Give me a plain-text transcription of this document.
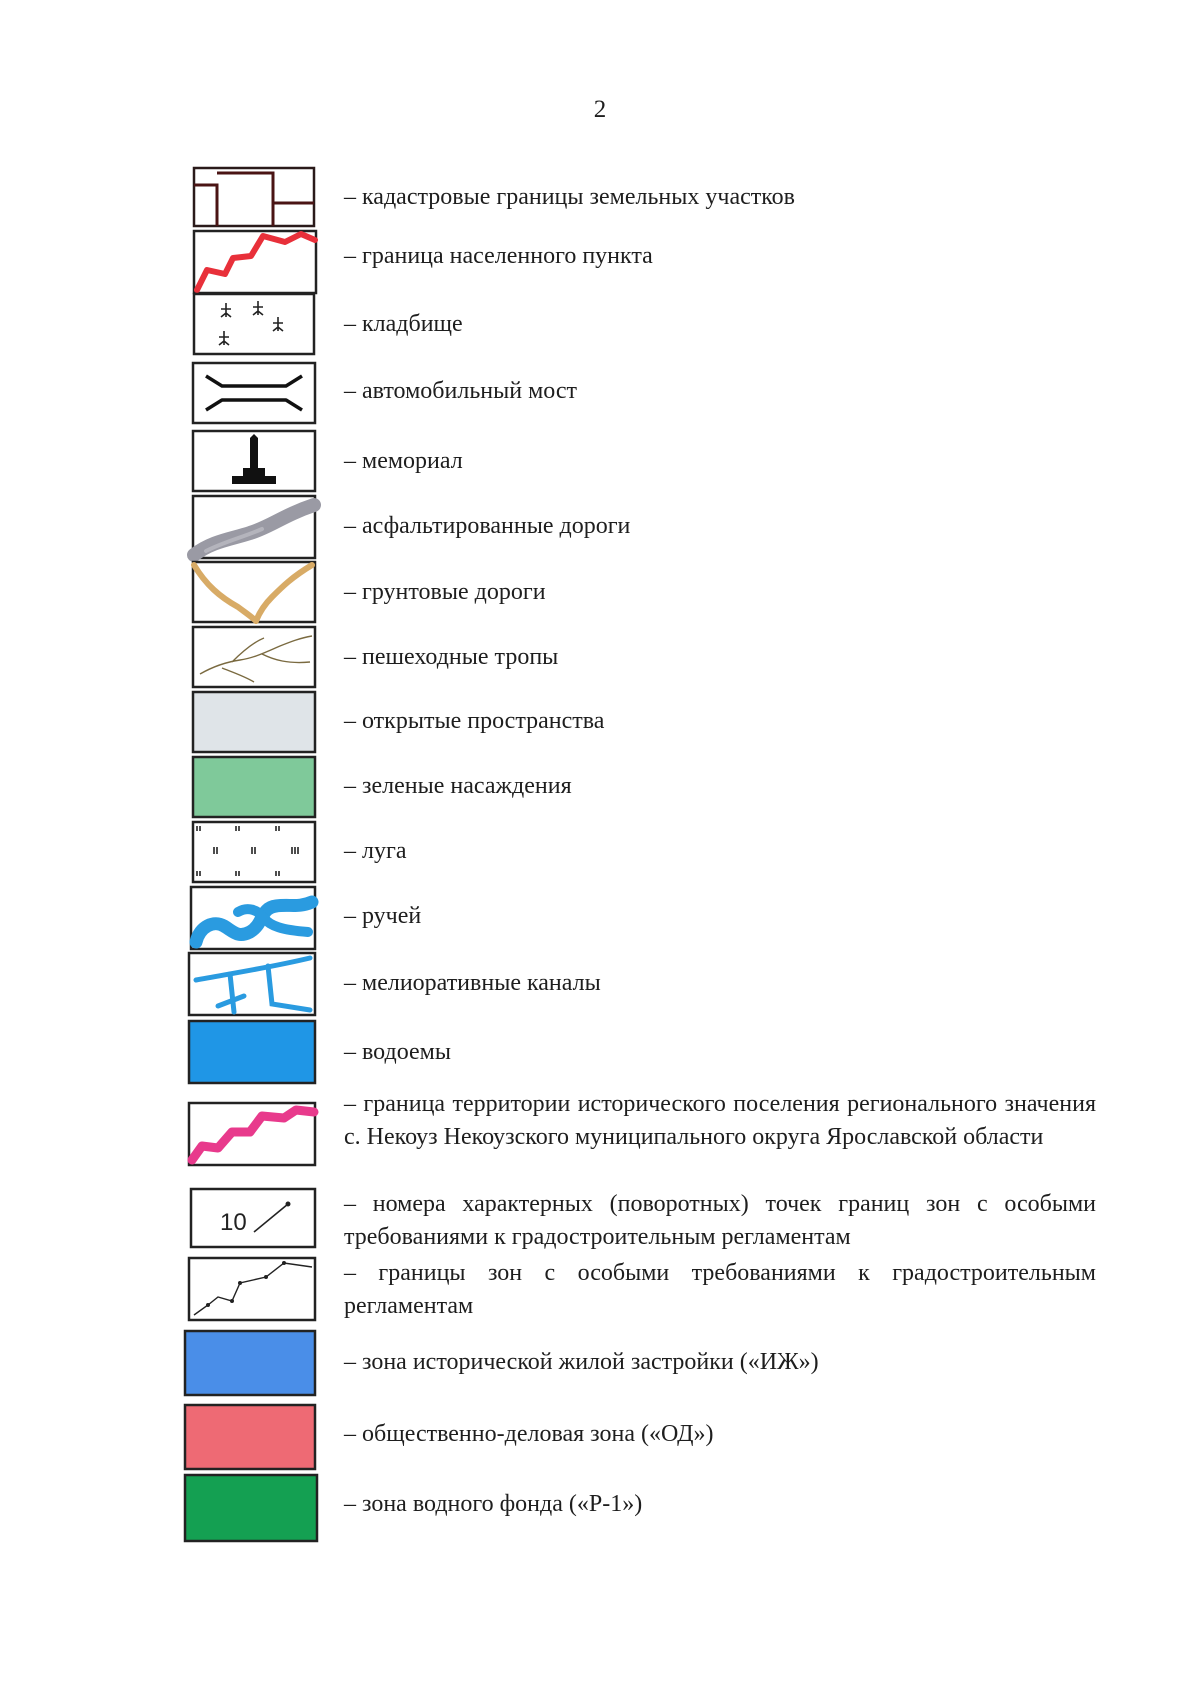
2
– кадастровые границы земельных участков
– граница населенного пункта
– кладбище
– автомобильный мост
– мемориал
– асфальтированные дороги
– грунтовые дороги
– пешеходные тропы
– открытые пространства
– зеленые насаждения
– луга
– ручей
– мелиоративные каналы
– водоемы
– граница территории исторического поселения регионального значения с. Некоуз Некоузского муниципального округа Ярославской области
10
– номера характерных (поворотных) точек границ зон с особыми требованиями к градостроительным регламентам
– границы зон с особыми требованиями к градостроительным регламентам
– зона исторической жилой застройки («ИЖ»)
– общественно-деловая зона («ОД»)
– зона водного фонда («Р-1»)
